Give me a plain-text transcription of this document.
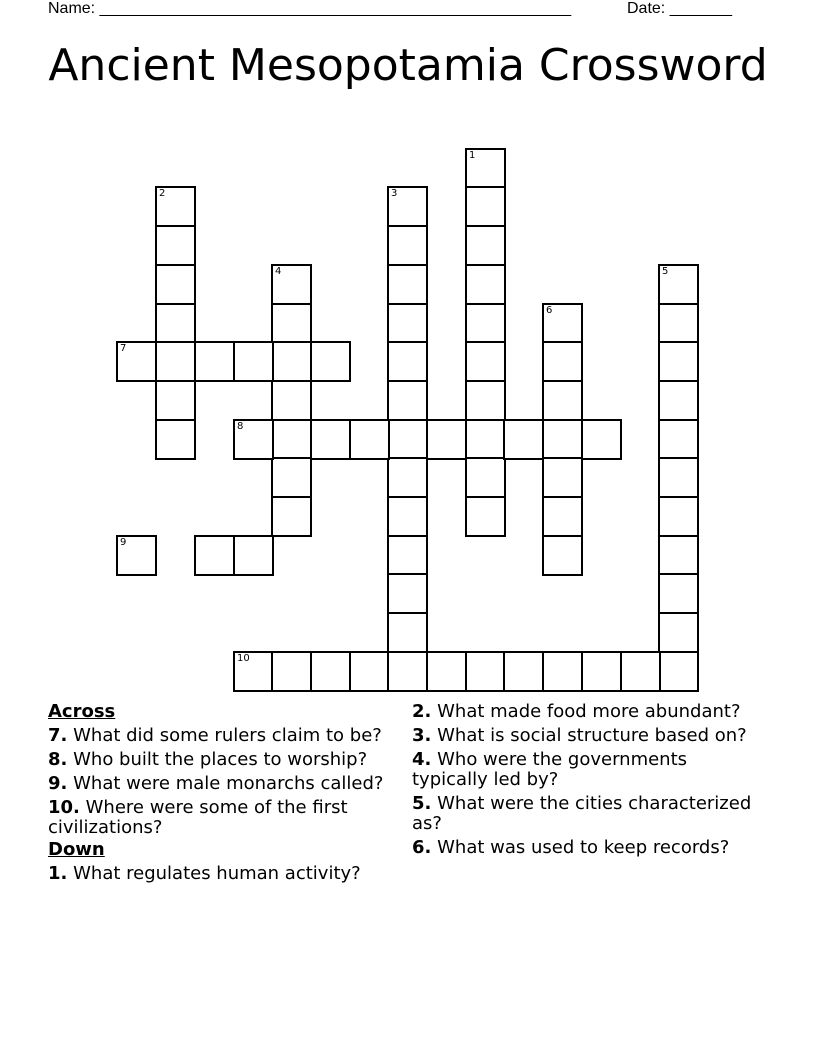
Name: _____________________________________________________	Date: _______
Ancient Mesopotamia Crossword
1
2	3
4	5
6
7
8
9
10
Across
7. What did some rulers claim to be?
8. Who built the places to worship?
9. What were male monarchs called?
10. Where were some of the first civilizations?
Down
1. What regulates human activity?
2. What made food more abundant?
3. What is social structure based on?
4. Who were the governments typically led by?
5. What were the cities characterized as?
6. What was used to keep records?
